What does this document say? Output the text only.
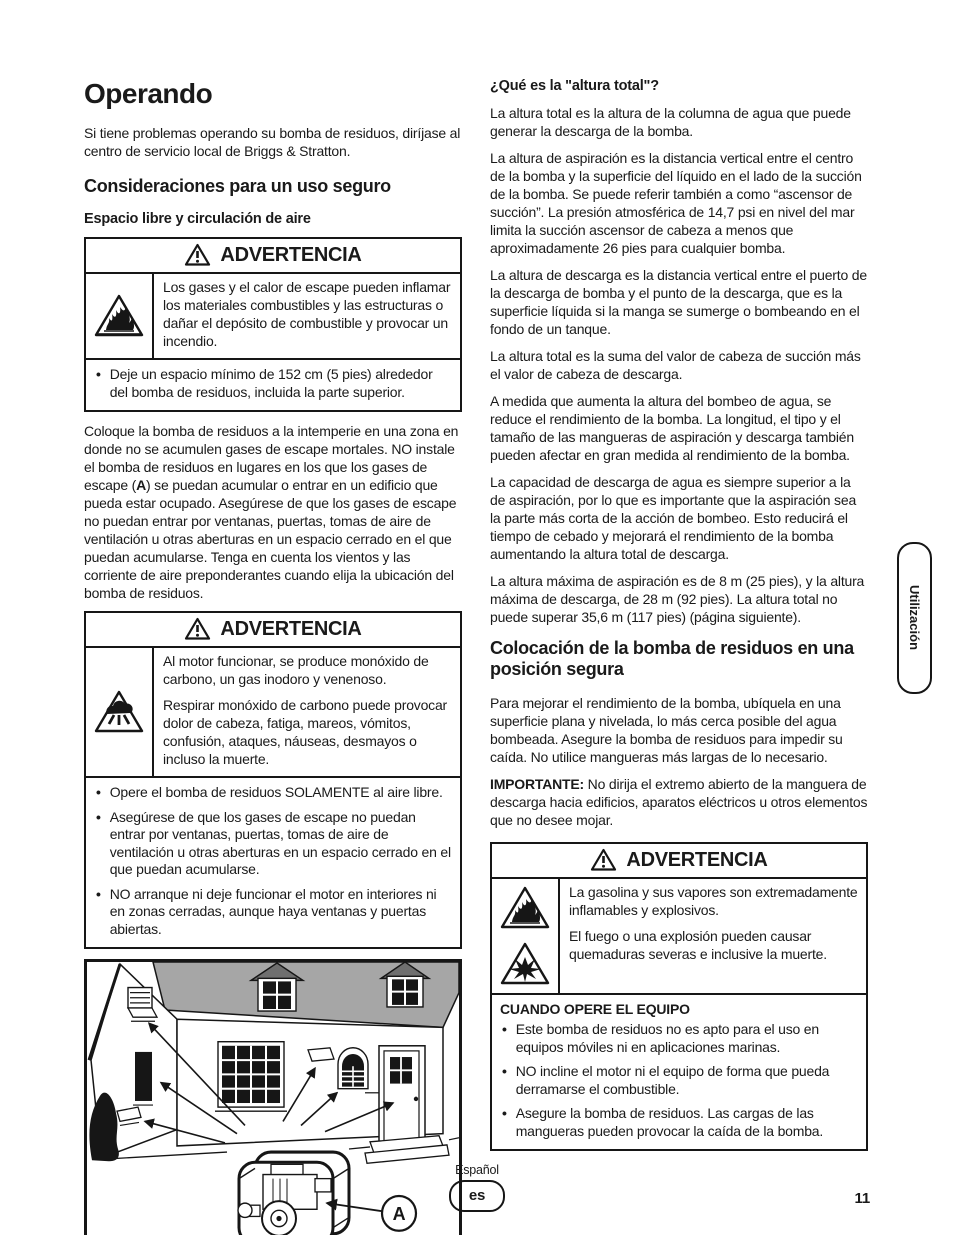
Operando

Si tiene problemas operando su bomba de residuos, diríjase al centro de servicio local de Briggs & Stratton.

Consideraciones para un uso seguro
Espacio libre y circulación de aire
ADVERTENCIA

Los gases y el calor de escape pueden inflamar los materiales combustibles y las estructuras o dañar el depósito de combustible y provocar un incendio.

•
Deje un espacio mínimo de 152 cm (5 pies) alrededor del bomba de residuos, incluida la parte superior.

Coloque la bomba de residuos a la intemperie en una zona en donde no se acumulen gases de escape mortales. NO instale el bomba de residuos en lugares en los que los gases de escape (A) se puedan acumular o entrar en un edificio que pueda estar ocupado. Asegúrese de que los gases de escape no puedan entrar por ventanas, puertas, tomas de aire de ventilación u otras aberturas en un espacio cerrado en el que puedan acumularse. Tenga en cuenta los vientos y las corriente de aire preponderantes cuando elija la ubicación del bomba de residuos.

ADVERTENCIA

Al motor funcionar, se produce monóxido de carbono, un gas inodoro y venenoso.

Respirar monóxido de carbono puede provocar dolor de cabeza, fatiga, mareos, vómitos, confusión, ataques, náuseas, desmayos o incluso la muerte.

•
Opere el bomba de residuos SOLAMENTE al aire libre.
•
Asegúrese de que los gases de escape no puedan entrar por ventanas, puertas, tomas de aire de ventilación u otras aberturas en un espacio cerrado en el que puedan acumularse.
•
NO arranque ni deje funcionar el motor en interiores ni en zonas cerradas, aunque haya ventanas y puertas abiertas.
A
¿Qué es la "altura total"?

La altura total es la altura de la columna de agua que puede generar la descarga de la bomba.

La altura de aspiración es la distancia vertical entre el centro de la bomba y la superficie del líquido en el lado de la succión de la bomba. Se puede referir también a como “ascensor de succión”. La presión atmosférica de 14,7 psi en nivel del mar limita la succión ascensor de cabeza a menos que aproximadamente 26 pies para cualquier bomba.

La altura de descarga es la distancia vertical entre el puerto de la descarga de bomba y el punto de la descarga, que es la superficie líquida si la manga se sumerge o bombeando en el fondo de un tanque.

La altura total es la suma del valor de cabeza de succión más el valor de cabeza de descarga.

A medida que aumenta la altura del bombeo de agua, se reduce el rendimiento de la bomba. La longitud, el tipo y el tamaño de las mangueras de aspiración y descarga también pueden afectar en gran medida al rendimiento de la bomba.

La capacidad de descarga de agua es siempre superior a la de aspiración, por lo que es importante que la aspiración sea la parte más corta de la acción de bombeo. Esto reducirá el tiempo de cebado y mejorará el rendimiento de la bomba aumentando la altura total de descarga.

La altura máxima de aspiración es de 8 m (25 pies), y la altura máxima de descarga, de 28 m (92 pies). La altura total no puede superar 35,6 m (117 pies) (página siguiente).

Colocación de la bomba de residuos en una posición segura

Para mejorar el rendimiento de la bomba, ubíquela en una superficie plana y nivelada, lo más cerca posible del agua bombeada. Asegure la bomba de residuos para impedir su caída. No utilice mangueras más largas de lo necesario.

IMPORTANTE: No dirija el extremo abierto de la manguera de descarga hacia edificios, aparatos eléctricos u otros elementos que no desee mojar.

ADVERTENCIA

La gasolina y sus vapores son extremadamente inflamables y explosivos.

El fuego o una explosión pueden causar quemaduras severas e inclusive la muerte.

CUANDO OPERE EL EQUIPO
•
Este bomba de residuos no es apto para el uso en equipos móviles ni en aplicaciones marinas.
•
NO incline el motor ni el equipo de forma que pueda derramarse el combustible.
•
Asegure la bomba de residuos. Las cargas de las mangueras pueden provocar la caída de la bomba.
Utilización
Español
es	11
